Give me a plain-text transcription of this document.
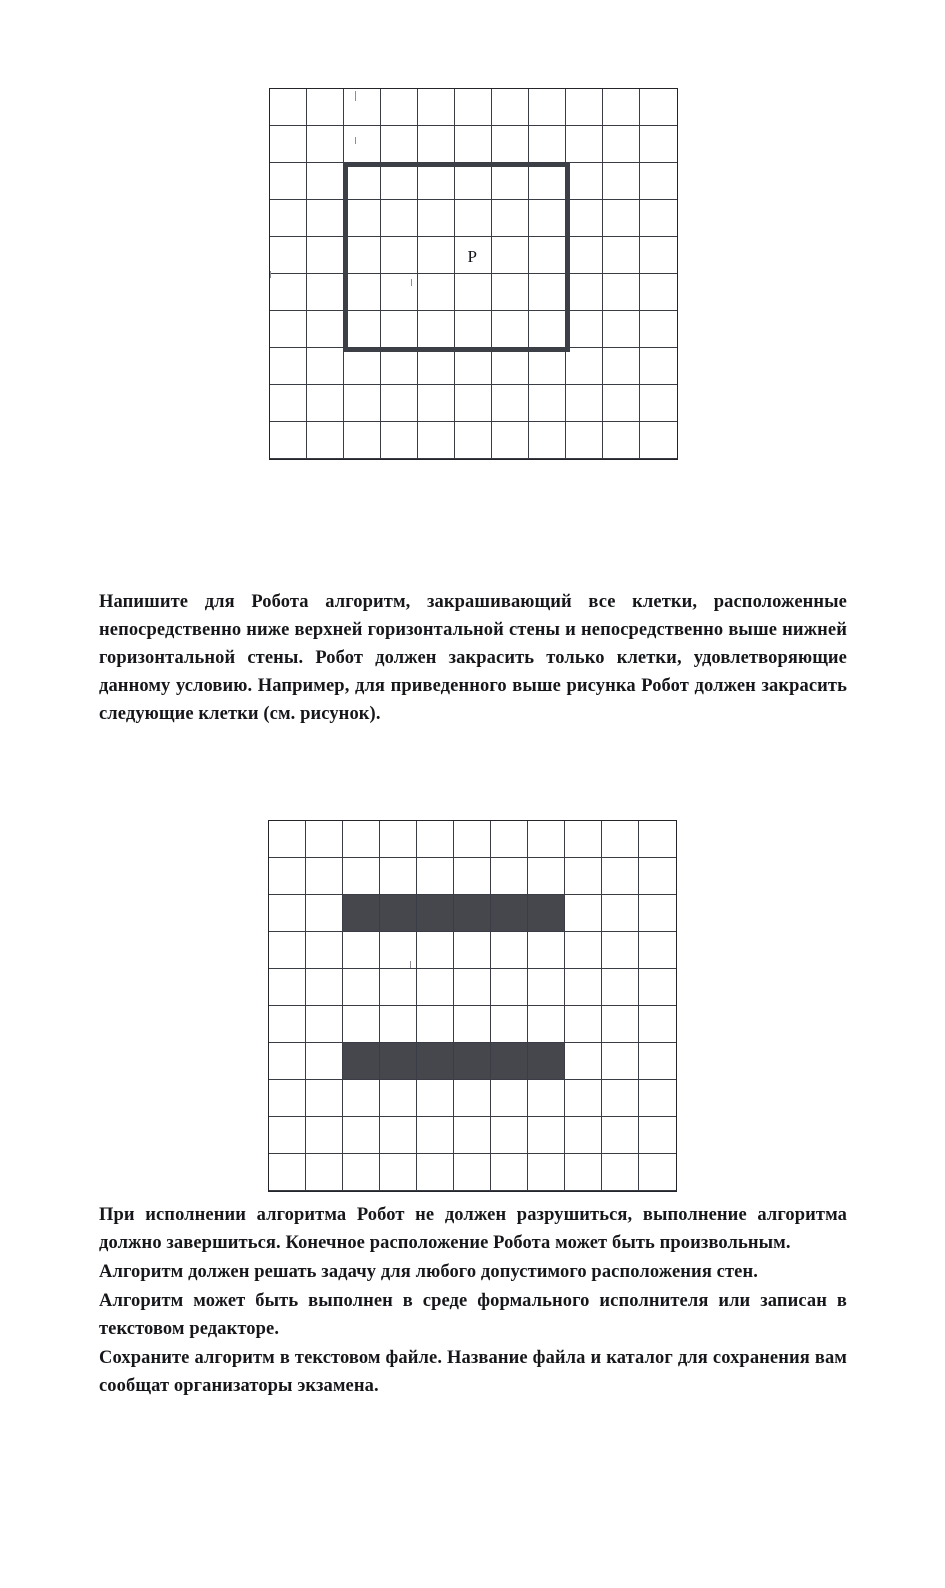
P

Напишите для Робота алгоритм, закрашивающий все клетки, расположенные непосредственно ниже верхней горизонтальной стены и непосредственно выше нижней горизонтальной стены. Робот должен закрасить только клетки, удовлетворяющие данному условию. Например, для приведенного выше рисунка Робот должен закрасить следующие клетки (см. рисунок).

При исполнении алгоритма Робот не должен разрушиться, выполнение алгоритма должно завершиться. Конечное расположение Робота может быть произвольным.

Алгоритм должен решать задачу для любого допустимого расположения стен.

Алгоритм может быть выполнен в среде формального исполнителя или записан в текстовом редакторе.

Сохраните алгоритм в текстовом файле. Название файла и каталог для сохранения вам сообщат организаторы экзамена.
